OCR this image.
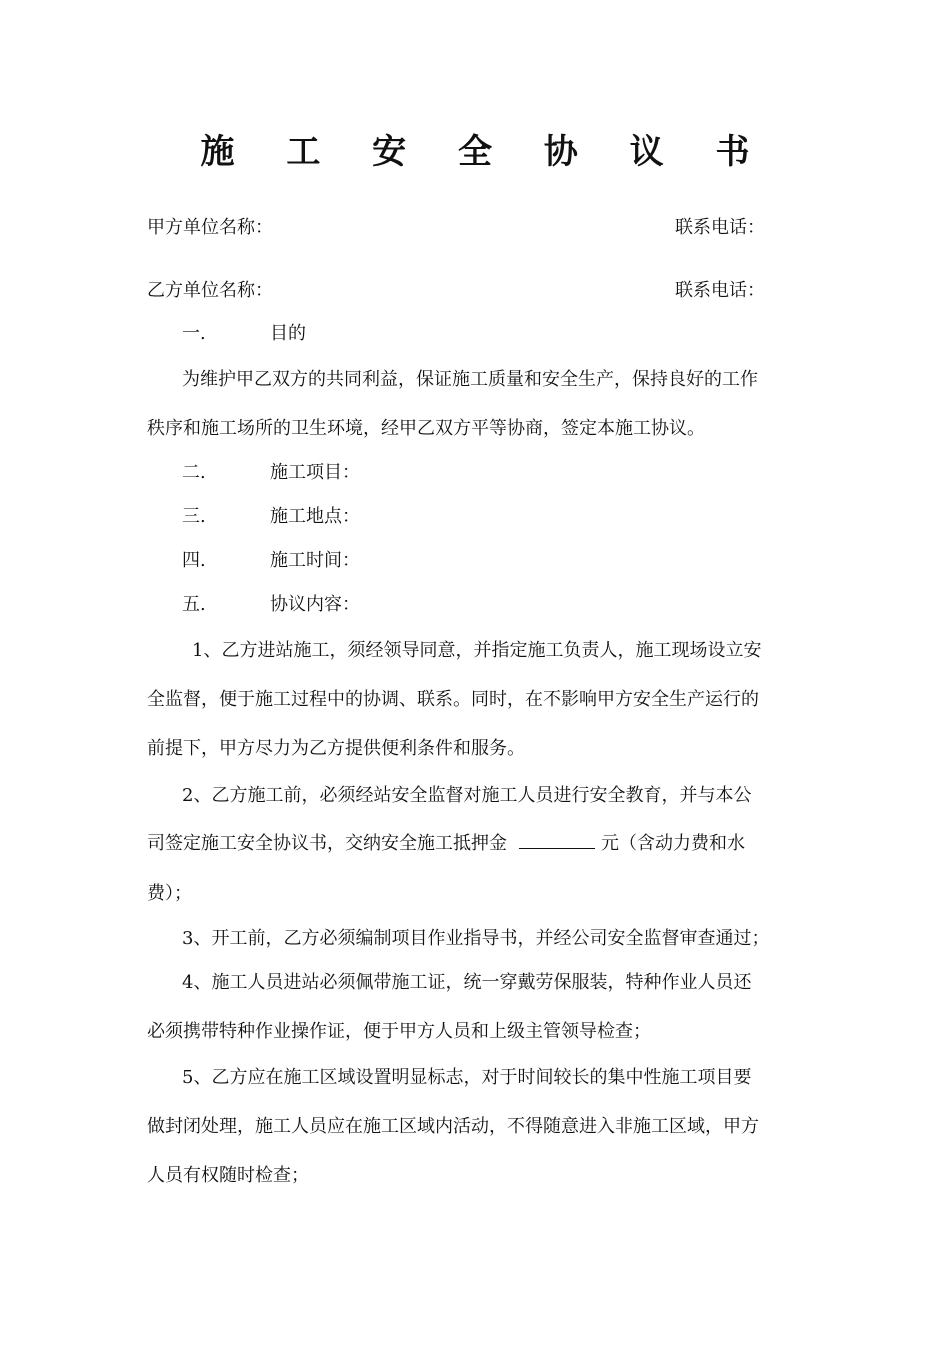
施 工 安 全 协 议 书
甲方单位名称：	联系电话：
乙方单位名称：	联系电话：
一.	目的
为维护甲乙双方的共同利益，保证施工质量和安全生产，保持良好的工作
秩序和施工场所的卫生环境，经甲乙双方平等协商，签定本施工协议。
二.	施工项目：
三.	施工地点：
四.	施工时间：
五.	协议内容：
1、乙方进站施工，须经领导同意，并指定施工负责人，施工现场设立安
全监督，便于施工过程中的协调、联系。同时，在不影响甲方安全生产运行的
前提下，甲方尽力为乙方提供便利条件和服务。
2、乙方施工前，必须经站安全监督对施工人员进行安全教育，并与本公
司签定施工安全协议书，交纳安全施工抵押金	元（含动力费和水
费）；
3、开工前，乙方必须编制项目作业指导书，并经公司安全监督审查通过；
4、施工人员进站必须佩带施工证，统一穿戴劳保服装，特种作业人员还
必须携带特种作业操作证，便于甲方人员和上级主管领导检查；
5、乙方应在施工区域设置明显标志，对于时间较长的集中性施工项目要
做封闭处理，施工人员应在施工区域内活动，不得随意进入非施工区域，甲方
人员有权随时检查；
